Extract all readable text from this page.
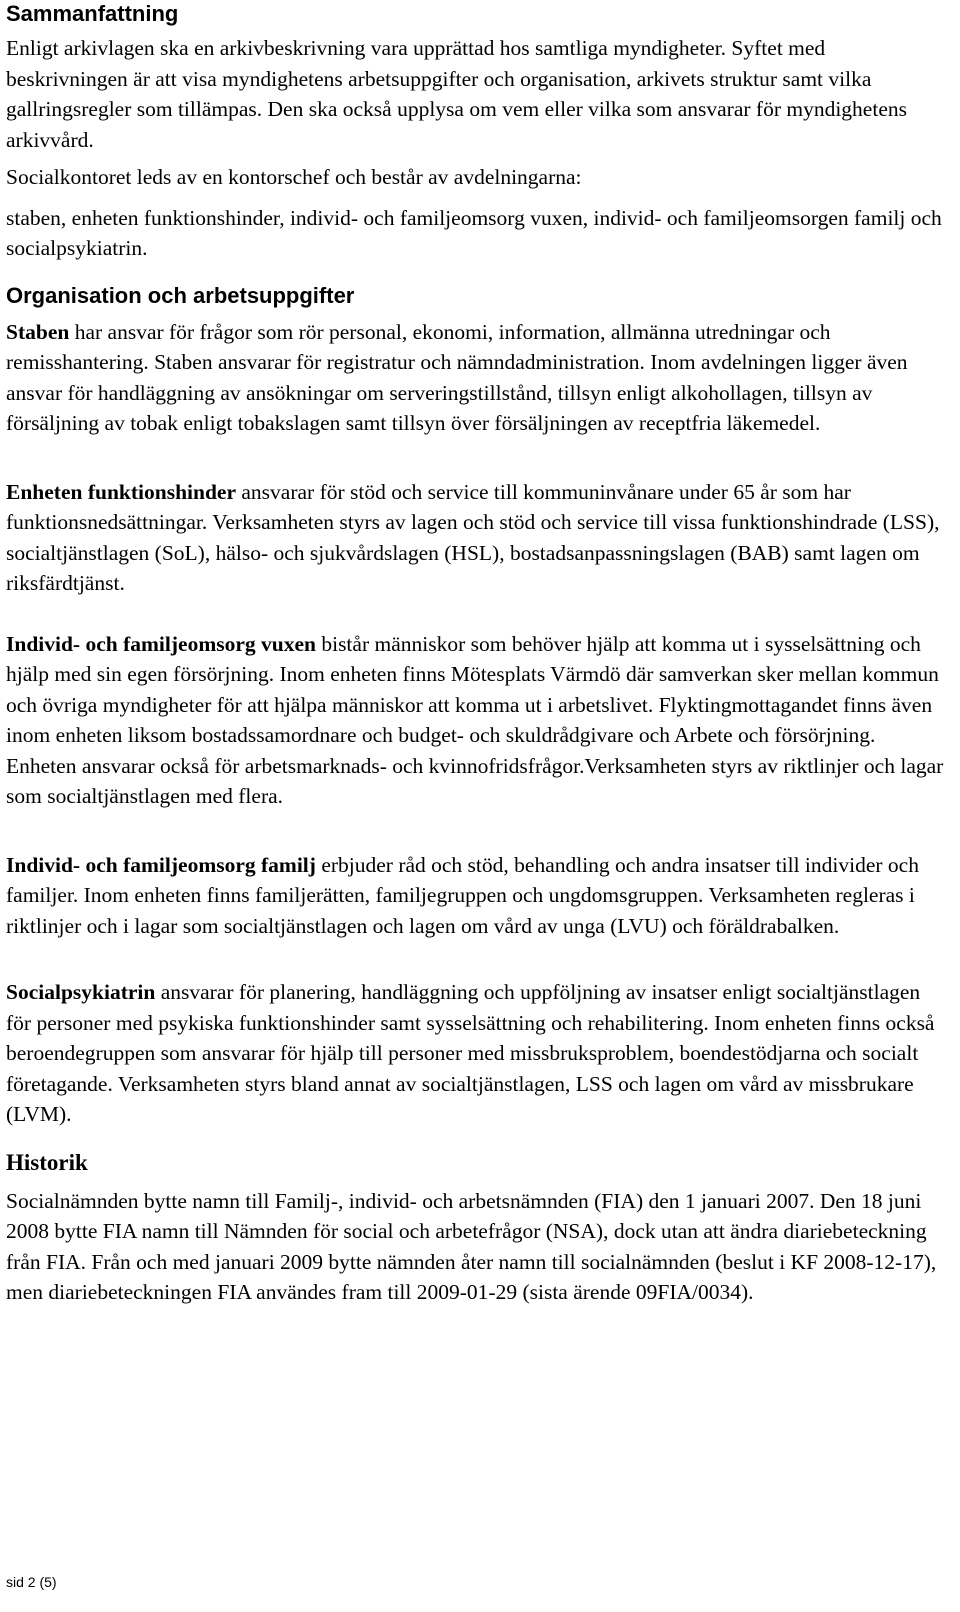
Sammanfattning

Enligt arkivlagen ska en arkivbeskrivning vara upprättad hos samtliga myndigheter. Syftet med beskrivningen är att visa myndighetens arbetsuppgifter och organisation, arkivets struktur samt vilka gallringsregler som tillämpas. Den ska också upplysa om vem eller vilka som ansvarar för myndighetens arkivvård.

Socialkontoret leds av en kontorschef och består av avdelningarna:

staben, enheten funktionshinder, individ- och familjeomsorg vuxen, individ- och familjeomsorgen familj och socialpsykiatrin.

Organisation och arbetsuppgifter

Staben har ansvar för frågor som rör personal, ekonomi, information, allmänna utredningar och remisshantering. Staben ansvarar för registratur och nämndadministration. Inom avdelningen ligger även ansvar för handläggning av ansökningar om serveringstillstånd, tillsyn enligt alkohollagen, tillsyn av försäljning av tobak enligt tobakslagen samt tillsyn över försäljningen av receptfria läkemedel.

Enheten funktionshinder ansvarar för stöd och service till kommuninvånare under 65 år som har funktionsnedsättningar. Verksamheten styrs av lagen och stöd och service till vissa funktionshindrade (LSS), socialtjänstlagen (SoL), hälso- och sjukvårdslagen (HSL), bostadsanpassningslagen (BAB) samt lagen om riksfärdtjänst.

Individ- och familjeomsorg vuxen bistår människor som behöver hjälp att komma ut i sysselsättning och hjälp med sin egen försörjning. Inom enheten finns Mötesplats Värmdö där samverkan sker mellan kommun och övriga myndigheter för att hjälpa människor att komma ut i arbetslivet. Flyktingmottagandet finns även inom enheten liksom bostadssamordnare och budget- och skuldrådgivare och Arbete och försörjning. Enheten ansvarar också för arbetsmarknads- och kvinnofridsfrågor.Verksamheten styrs av riktlinjer och lagar som socialtjänstlagen med flera.

Individ- och familjeomsorg familj erbjuder råd och stöd, behandling och andra insatser till individer och familjer. Inom enheten finns familjerätten, familjegruppen och ungdomsgruppen. Verksamheten regleras i riktlinjer och i lagar som socialtjänstlagen och lagen om vård av unga (LVU) och föräldrabalken.

Socialpsykiatrin ansvarar för planering, handläggning och uppföljning av insatser enligt socialtjänstlagen för personer med psykiska funktionshinder samt sysselsättning och rehabilitering. Inom enheten finns också beroendegruppen som ansvarar för hjälp till personer med missbruksproblem, boendestödjarna och socialt företagande. Verksamheten styrs bland annat av socialtjänstlagen, LSS och lagen om vård av missbrukare (LVM).

Historik

Socialnämnden bytte namn till Familj-, individ- och arbetsnämnden (FIA) den 1 januari 2007. Den 18 juni 2008 bytte FIA namn till Nämnden för social och arbetefrågor (NSA), dock utan att ändra diariebeteckning från FIA. Från och med januari 2009 bytte nämnden åter namn till socialnämnden (beslut i KF 2008-12-17), men diariebeteckningen FIA användes fram till 2009-01-29 (sista ärende 09FIA/0034).

sid 2 (5)
